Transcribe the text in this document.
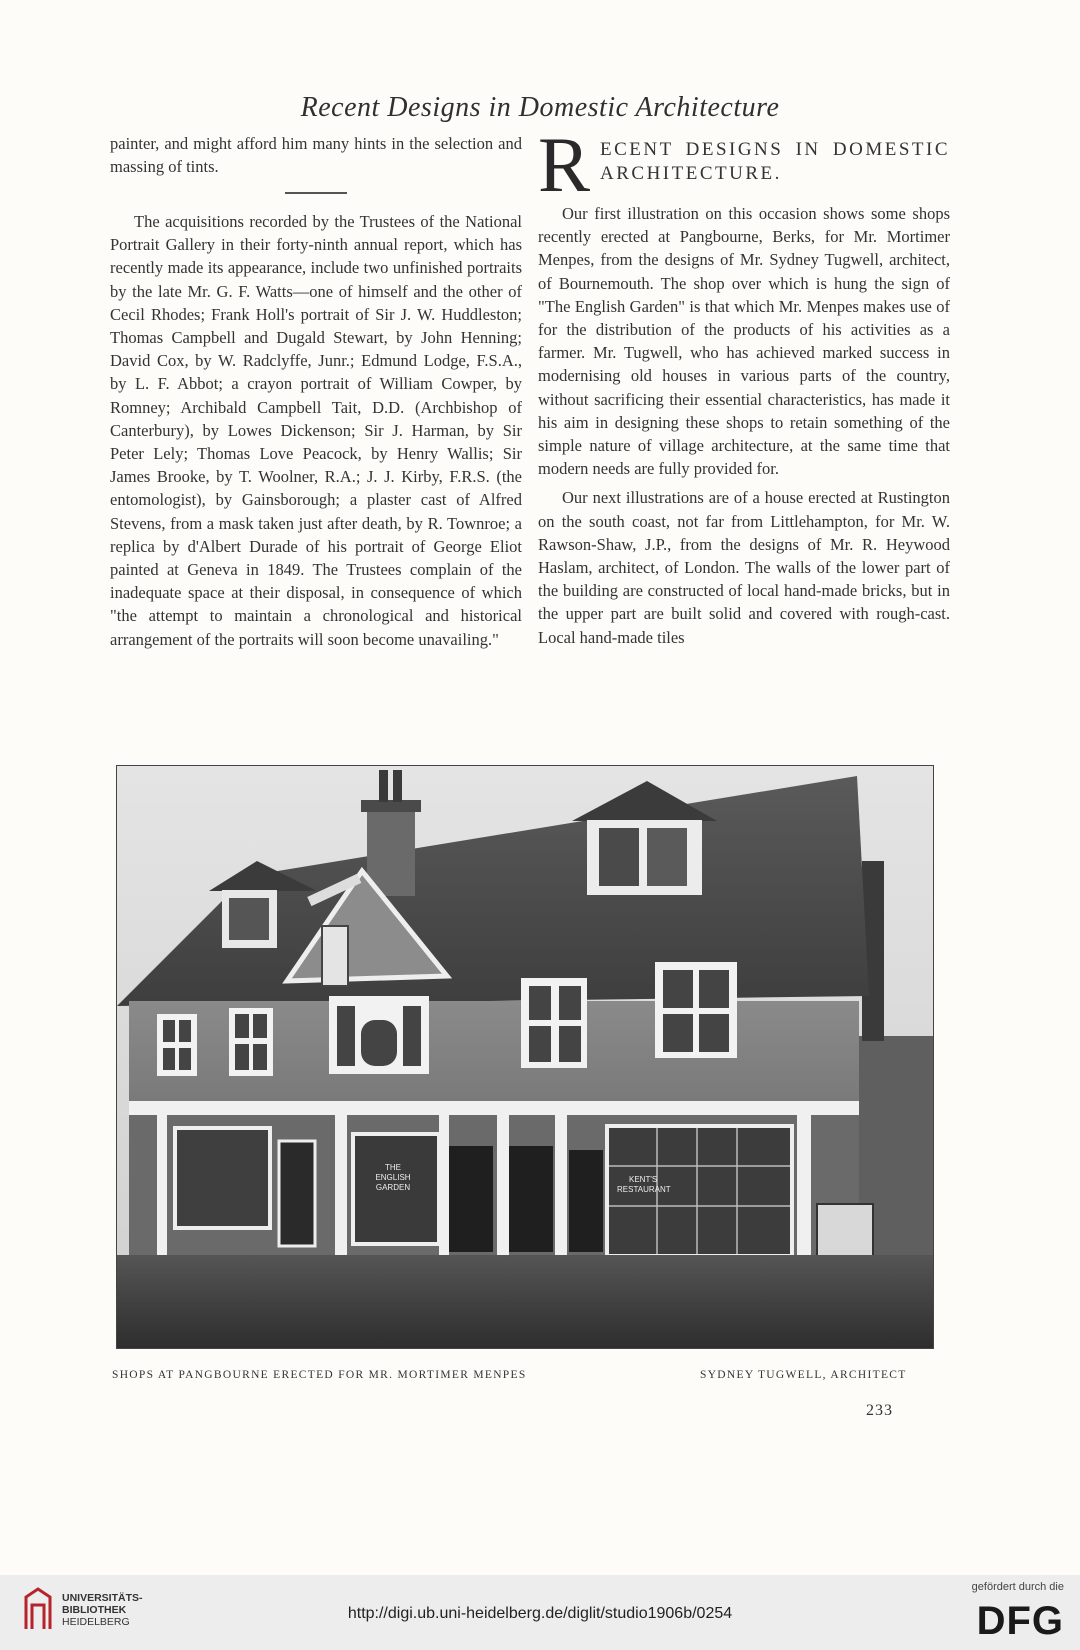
Recent Designs in Domestic Architecture

painter, and might afford him many hints in the selection and massing of tints.

The acquisitions recorded by the Trustees of the National Portrait Gallery in their forty-ninth annual report, which has recently made its appearance, include two unfinished portraits by the late Mr. G. F. Watts—one of himself and the other of Cecil Rhodes; Frank Holl's portrait of Sir J. W. Huddleston; Thomas Campbell and Dugald Stewart, by John Henning; David Cox, by W. Radclyffe, Junr.; Edmund Lodge, F.S.A., by L. F. Abbot; a crayon portrait of William Cowper, by Romney; Archibald Campbell Tait, D.D. (Archbishop of Canterbury), by Lowes Dickenson; Sir J. Harman, by Sir Peter Lely; Thomas Love Peacock, by Henry Wallis; Sir James Brooke, by T. Woolner, R.A.; J. J. Kirby, F.R.S. (the entomologist), by Gainsborough; a plaster cast of Alfred Stevens, from a mask taken just after death, by R. Townroe; a replica by d'Albert Durade of his portrait of George Eliot painted at Geneva in 1849. The Trustees complain of the inadequate space at their disposal, in consequence of which "the attempt to maintain a chronological and historical arrangement of the portraits will soon become unavailing."

R ECENT DESIGNS IN DOMESTIC ARCHITECTURE.

Our first illustration on this occasion shows some shops recently erected at Pangbourne, Berks, for Mr. Mortimer Menpes, from the designs of Mr. Sydney Tugwell, architect, of Bournemouth. The shop over which is hung the sign of "The English Garden" is that which Mr. Menpes makes use of for the distribution of the products of his activities as a farmer. Mr. Tugwell, who has achieved marked success in modernising old houses in various parts of the country, without sacrificing their essential characteristics, has made it his aim in designing these shops to retain something of the simple nature of village architecture, at the same time that modern needs are fully provided for.

Our next illustrations are of a house erected at Rustington on the south coast, not far from Littlehampton, for Mr. W. Rawson-Shaw, J.P., from the designs of Mr. R. Heywood Haslam, architect, of London. The walls of the lower part of the building are constructed of local hand-made bricks, but in the upper part are built solid and covered with rough-cast. Local hand-made tiles

THE
ENGLISH
GARDEN
KENT'S
RESTAURANT
SHOPS AT PANGBOURNE ERECTED FOR MR. MORTIMER MENPES	SYDNEY TUGWELL, ARCHITECT
233
UNIVERSITÄTS-
BIBLIOTHEK
HEIDELBERG	http://digi.ub.uni-heidelberg.de/diglit/studio1906b/0254
gefördert durch die
DFG
